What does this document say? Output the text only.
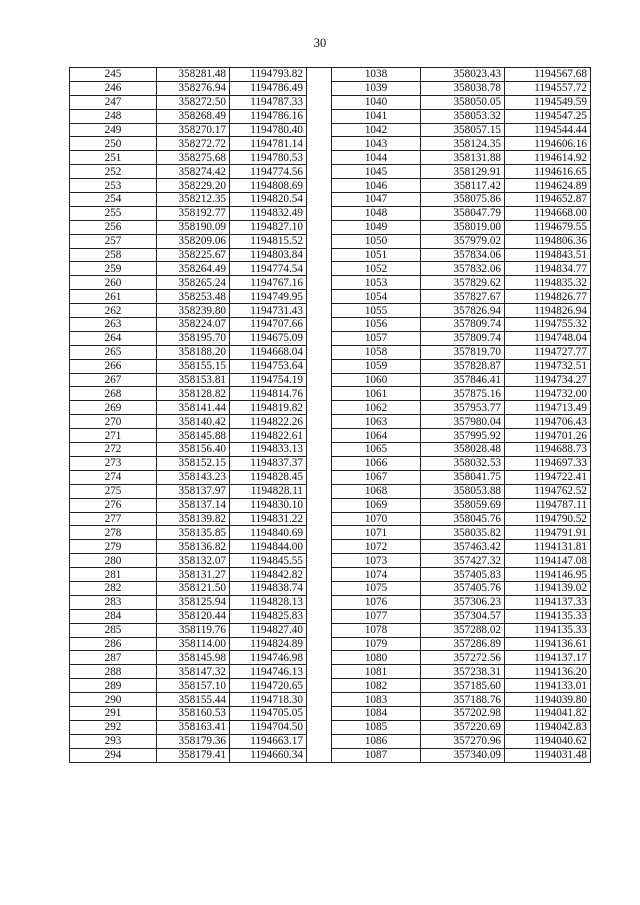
30
245	358281.48	1194793.82		1038	358023.43	1194567.68
246	358276.94	1194786.49		1039	358038.78	1194557.72
247	358272.50	1194787.33		1040	358050.05	1194549.59
248	358268.49	1194786.16		1041	358053.32	1194547.25
249	358270.17	1194780.40		1042	358057.15	1194544.44
250	358272.72	1194781.14		1043	358124.35	1194606.16
251	358275.68	1194780.53		1044	358131.88	1194614.92
252	358274.42	1194774.56		1045	358129.91	1194616.65
253	358229.20	1194808.69		1046	358117.42	1194624.89
254	358212.35	1194820.54		1047	358075.86	1194652.87
255	358192.77	1194832.49		1048	358047.79	1194668.00
256	358190.09	1194827.10		1049	358019.00	1194679.55
257	358209.06	1194815.52		1050	357979.02	1194806.36
258	358225.67	1194803.84		1051	357834.06	1194843.51
259	358264.49	1194774.54		1052	357832.06	1194834.77
260	358265.24	1194767.16		1053	357829.62	1194835.32
261	358253.48	1194749.95		1054	357827.67	1194826.77
262	358239.80	1194731.43		1055	357826.94	1194826.94
263	358224.07	1194707.66		1056	357809.74	1194755.32
264	358195.70	1194675.09		1057	357809.74	1194748.04
265	358188.20	1194668.04		1058	357819.70	1194727.77
266	358155.15	1194753.64		1059	357828.87	1194732.51
267	358153.81	1194754.19		1060	357846.41	1194734.27
268	358128.82	1194814.76		1061	357875.16	1194732.00
269	358141.44	1194819.82		1062	357953.77	1194713.49
270	358140.42	1194822.26		1063	357980.04	1194706.43
271	358145.88	1194822.61		1064	357995.92	1194701.26
272	358156.40	1194833.13		1065	358028.48	1194688.73
273	358152.15	1194837.37		1066	358032.53	1194697.33
274	358143.23	1194828.45		1067	358041.75	1194722.41
275	358137.97	1194828.11		1068	358053.88	1194762.52
276	358137.14	1194830.10		1069	358059.69	1194787.11
277	358139.82	1194831.22		1070	358045.76	1194790.52
278	358135.85	1194840.69		1071	358035.82	1194791.91
279	358136.82	1194844.00		1072	357463.42	1194131.81
280	358132.07	1194845.55		1073	357427.32	1194147.08
281	358131.27	1194842.82		1074	357405.83	1194146.95
282	358121.50	1194838.74		1075	357405.76	1194139.02
283	358125.94	1194828.13		1076	357306.23	1194137.33
284	358120.44	1194825.83		1077	357304.57	1194135.33
285	358119.76	1194827.40		1078	357288.02	1194135.33
286	358114.00	1194824.89		1079	357286.89	1194136.61
287	358145.98	1194746.98		1080	357272.56	1194137.17
288	358147.32	1194746.13		1081	357238.31	1194136.20
289	358157.10	1194720.65		1082	357185.60	1194133.01
290	358155.44	1194718.30		1083	357188.76	1194039.80
291	358160.53	1194705.05		1084	357202.98	1194041.82
292	358163.41	1194704.50		1085	357220.69	1194042.83
293	358179.36	1194663.17		1086	357270.96	1194040.62
294	358179.41	1194660.34		1087	357340.09	1194031.48
